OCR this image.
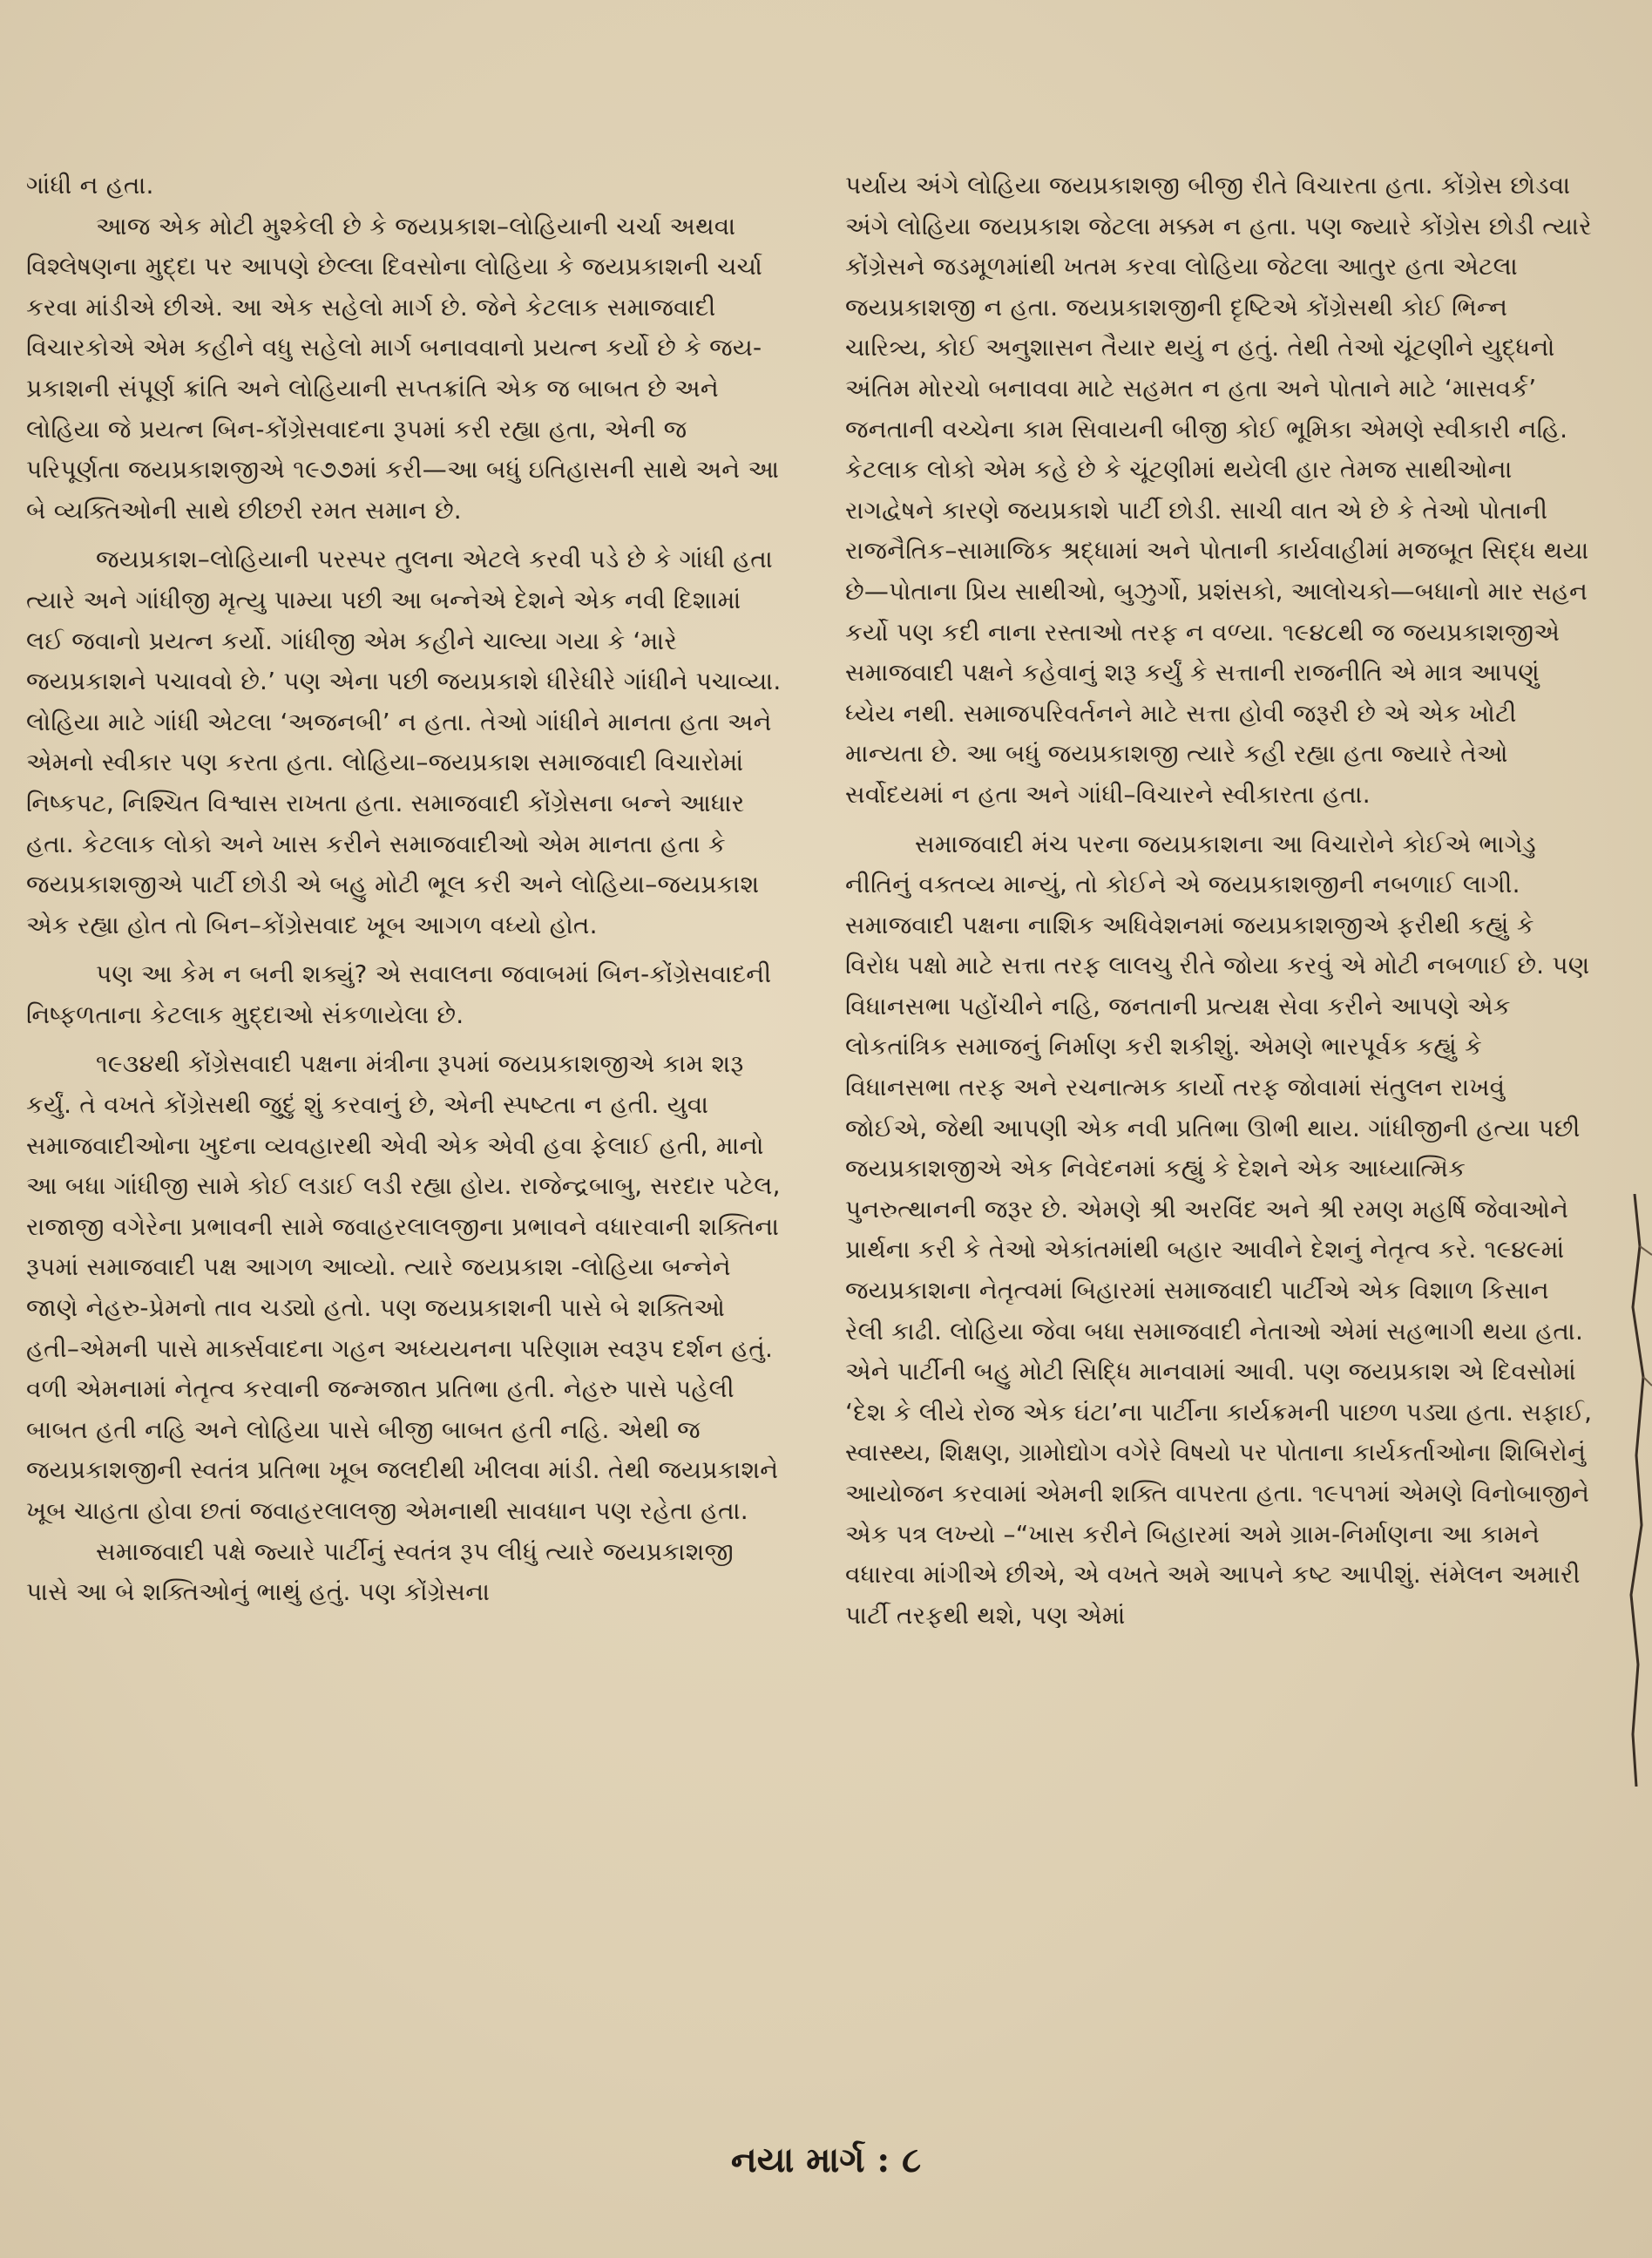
ગાંધી ન હતા.

આજ એક મોટી મુશ્કેલી છે કે જયપ્રકાશ–લોહિયાની ચર્ચા અથવા વિશ્લેષણના મુદ્દા પર આપણે છેલ્લા દિવસોના લોહિયા કે જયપ્રકાશની ચર્ચા કરવા માંડીએ છીએ. આ એક સહેલો માર્ગ છે. જેને કેટલાક સમાજવાદી વિચારકોએ એમ કહીને વધુ સહેલો માર્ગ બનાવવાનો પ્રયત્ન કર્યો છે કે જય-પ્રકાશની સંપૂર્ણ ક્રાંતિ અને લોહિયાની સપ્તક્રાંતિ એક જ બાબત છે અને લોહિયા જે પ્રયત્ન બિન-કોંગ્રેસવાદના રૂપમાં કરી રહ્યા હતા, એની જ પરિપૂર્ણતા જયપ્રકાશજીએ ૧૯૭૭માં કરી—આ બધું ઇતિહાસની સાથે અને આ બે વ્યક્તિઓની સાથે છીછરી રમત સમાન છે.

જયપ્રકાશ–લોહિયાની પરસ્પર તુલના એટલે કરવી પડે છે કે ગાંધી હતા ત્યારે અને ગાંધીજી મૃત્યુ પામ્યા પછી આ બન્નેએ દેશને એક નવી દિશામાં લઈ જવાનો પ્રયત્ન કર્યો. ગાંધીજી એમ કહીને ચાલ્યા ગયા કે ‘મારે જયપ્રકાશને પચાવવો છે.’ પણ એના પછી જયપ્રકાશે ધીરેધીરે ગાંધીને પચાવ્યા. લોહિયા માટે ગાંધી એટલા ‘અજનબી’ ન હતા. તેઓ ગાંધીને માનતા હતા અને એમનો સ્વીકાર પણ કરતા હતા. લોહિયા–જયપ્રકાશ સમાજવાદી વિચારોમાં નિષ્કપટ, નિશ્ચિત વિશ્વાસ રાખતા હતા. સમાજવાદી કોંગ્રેસના બન્ને આધાર હતા. કેટલાક લોકો અને ખાસ કરીને સમાજવાદીઓ એમ માનતા હતા કે જયપ્રકાશજીએ પાર્ટી છોડી એ બહુ મોટી ભૂલ કરી અને લોહિયા–જયપ્રકાશ એક રહ્યા હોત તો બિન–કોંગ્રેસવાદ ખૂબ આગળ વધ્યો હોત.

પણ આ કેમ ન બની શક્યું? એ સવાલના જવાબમાં બિન-કોંગ્રેસવાદની નિષ્ફળતાના કેટલાક મુદ્દાઓ સંકળાયેલા છે.

૧૯૩૪થી કોંગ્રેસવાદી પક્ષના મંત્રીના રૂપમાં જયપ્રકાશજીએ કામ શરૂ કર્યું. તે વખતે કોંગ્રેસથી જુદું શું કરવાનું છે, એની સ્પષ્ટતા ન હતી. યુવા સમાજવાદીઓના ખુદના વ્યવહારથી એવી એક એવી હવા ફેલાઈ હતી, માનો આ બધા ગાંધીજી સામે કોઈ લડાઈ લડી રહ્યા હોય. રાજેન્દ્રબાબુ, સરદાર પટેલ, રાજાજી વગેરેના પ્રભાવની સામે જવાહરલાલજીના પ્રભાવને વધારવાની શક્તિના રૂપમાં સમાજવાદી પક્ષ આગળ આવ્યો. ત્યારે જયપ્રકાશ -લોહિયા બન્નેને જાણે નેહરુ-પ્રેમનો તાવ ચડ્યો હતો. પણ જયપ્રકાશની પાસે બે શક્તિઓ હતી–એમની પાસે માર્ક્સવાદના ગહન અધ્યયનના પરિણામ સ્વરૂપ દર્શન હતું. વળી એમનામાં નેતૃત્વ કરવાની જન્મજાત પ્રતિભા હતી. નેહરુ પાસે પહેલી બાબત હતી નહિ અને લોહિયા પાસે બીજી બાબત હતી નહિ. એથી જ જયપ્રકાશજીની સ્વતંત્ર પ્રતિભા ખૂબ જલદીથી ખીલવા માંડી. તેથી જયપ્રકાશને ખૂબ ચાહતા હોવા છતાં જવાહરલાલજી એમનાથી સાવધાન પણ રહેતા હતા.

સમાજવાદી પક્ષે જ્યારે પાર્ટીનું સ્વતંત્ર રૂપ લીધું ત્યારે જયપ્રકાશજી પાસે આ બે શક્તિઓનું ભાથું હતું. પણ કોંગ્રેસના

પર્યાય અંગે લોહિયા જયપ્રકાશજી બીજી રીતે વિચારતા હતા. કોંગ્રેસ છોડવા અંગે લોહિયા જયપ્રકાશ જેટલા મક્કમ ન હતા. પણ જ્યારે કોંગ્રેસ છોડી ત્યારે કોંગ્રેસને જડમૂળમાંથી ખતમ કરવા લોહિયા જેટલા આતુર હતા એટલા જયપ્રકાશજી ન હતા. જયપ્રકાશજીની દૃષ્ટિએ કોંગ્રેસથી કોઈ ભિન્ન ચારિત્ર્ય, કોઈ અનુશાસન તૈયાર થયું ન હતું. તેથી તેઓ ચૂંટણીને યુદ્ધનો અંતિમ મોરચો બનાવવા માટે સહમત ન હતા અને પોતાને માટે ‘માસવર્ક’ જનતાની વચ્ચેના કામ સિવાયની બીજી કોઈ ભૂમિકા એમણે સ્વીકારી નહિ. કેટલાક લોકો એમ કહે છે કે ચૂંટણીમાં થયેલી હાર તેમજ સાથીઓના રાગદ્વેષને કારણે જયપ્રકાશે પાર્ટી છોડી. સાચી વાત એ છે કે તેઓ પોતાની રાજનૈતિક–સામાજિક શ્રદ્ધામાં અને પોતાની કાર્યવાહીમાં મજબૂત સિદ્ધ થયા છે—પોતાના પ્રિય સાથીઓ, બુઝુર્ગો, પ્રશંસકો, આલોચકો—બધાનો માર સહન કર્યો પણ કદી નાના રસ્તાઓ તરફ ન વળ્યા. ૧૯૪૮થી જ જયપ્રકાશજીએ સમાજવાદી પક્ષને કહેવાનું શરૂ કર્યું કે સત્તાની રાજનીતિ એ માત્ર આપણું ધ્યેય નથી. સમાજપરિવર્તનને માટે સત્તા હોવી જરૂરી છે એ એક ખોટી માન્યતા છે. આ બધું જયપ્રકાશજી ત્યારે કહી રહ્યા હતા જ્યારે તેઓ સર્વોદયમાં ન હતા અને ગાંધી–વિચારને સ્વીકારતા હતા.

સમાજવાદી મંચ પરના જયપ્રકાશના આ વિચારોને કોઈએ ભાગેડુ નીતિનું વક્તવ્ય માન્યું, તો કોઈને એ જયપ્રકાશજીની નબળાઈ લાગી. સમાજવાદી પક્ષના નાશિક અધિવેશનમાં જયપ્રકાશજીએ ફરીથી કહ્યું કે વિરોધ પક્ષો માટે સત્તા તરફ લાલચુ રીતે જોયા કરવું એ મોટી નબળાઈ છે. પણ વિધાનસભા પહોંચીને નહિ, જનતાની પ્રત્યક્ષ સેવા કરીને આપણે એક લોકતાંત્રિક સમાજનું નિર્માણ કરી શકીશું. એમણે ભારપૂર્વક કહ્યું કે વિધાનસભા તરફ અને રચનાત્મક કાર્યો તરફ જોવામાં સંતુલન રાખવું જોઈએ, જેથી આપણી એક નવી પ્રતિભા ઊભી થાય. ગાંધીજીની હત્યા પછી જયપ્રકાશજીએ એક નિવેદનમાં કહ્યું કે દેશને એક આધ્યાત્મિક પુનરુત્થાનની જરૂર છે. એમણે શ્રી અરવિંદ અને શ્રી રમણ મહર્ષિ જેવાઓને પ્રાર્થના કરી કે તેઓ એકાંતમાંથી બહાર આવીને દેશનું નેતૃત્વ કરે. ૧૯૪૯માં જયપ્રકાશના નેતૃત્વમાં બિહારમાં સમાજવાદી પાર્ટીએ એક વિશાળ કિસાન રેલી કાઢી. લોહિયા જેવા બધા સમાજવાદી નેતાઓ એમાં સહભાગી થયા હતા. એને પાર્ટીની બહુ મોટી સિદ્ધિ માનવામાં આવી. પણ જયપ્રકાશ એ દિવસોમાં ‘દેશ કે લીયે રોજ એક ઘંટા’ના પાર્ટીના કાર્યક્રમની પાછળ પડ્યા હતા. સફાઈ, સ્વાસ્થ્ય, શિક્ષણ, ગ્રામોદ્યોગ વગેરે વિષયો પર પોતાના કાર્યકર્તાઓના શિબિરોનું આયોજન કરવામાં એમની શક્તિ વાપરતા હતા. ૧૯૫૧માં એમણે વિનોબાજીને એક પત્ર લખ્યો –“ખાસ કરીને બિહારમાં અમે ગ્રામ-નિર્માણના આ કામને વધારવા માંગીએ છીએ, એ વખતે અમે આપને કષ્ટ આપીશું. સંમેલન અમારી પાર્ટી તરફથી થશે, પણ એમાં

નયા માર્ગ : ૮
